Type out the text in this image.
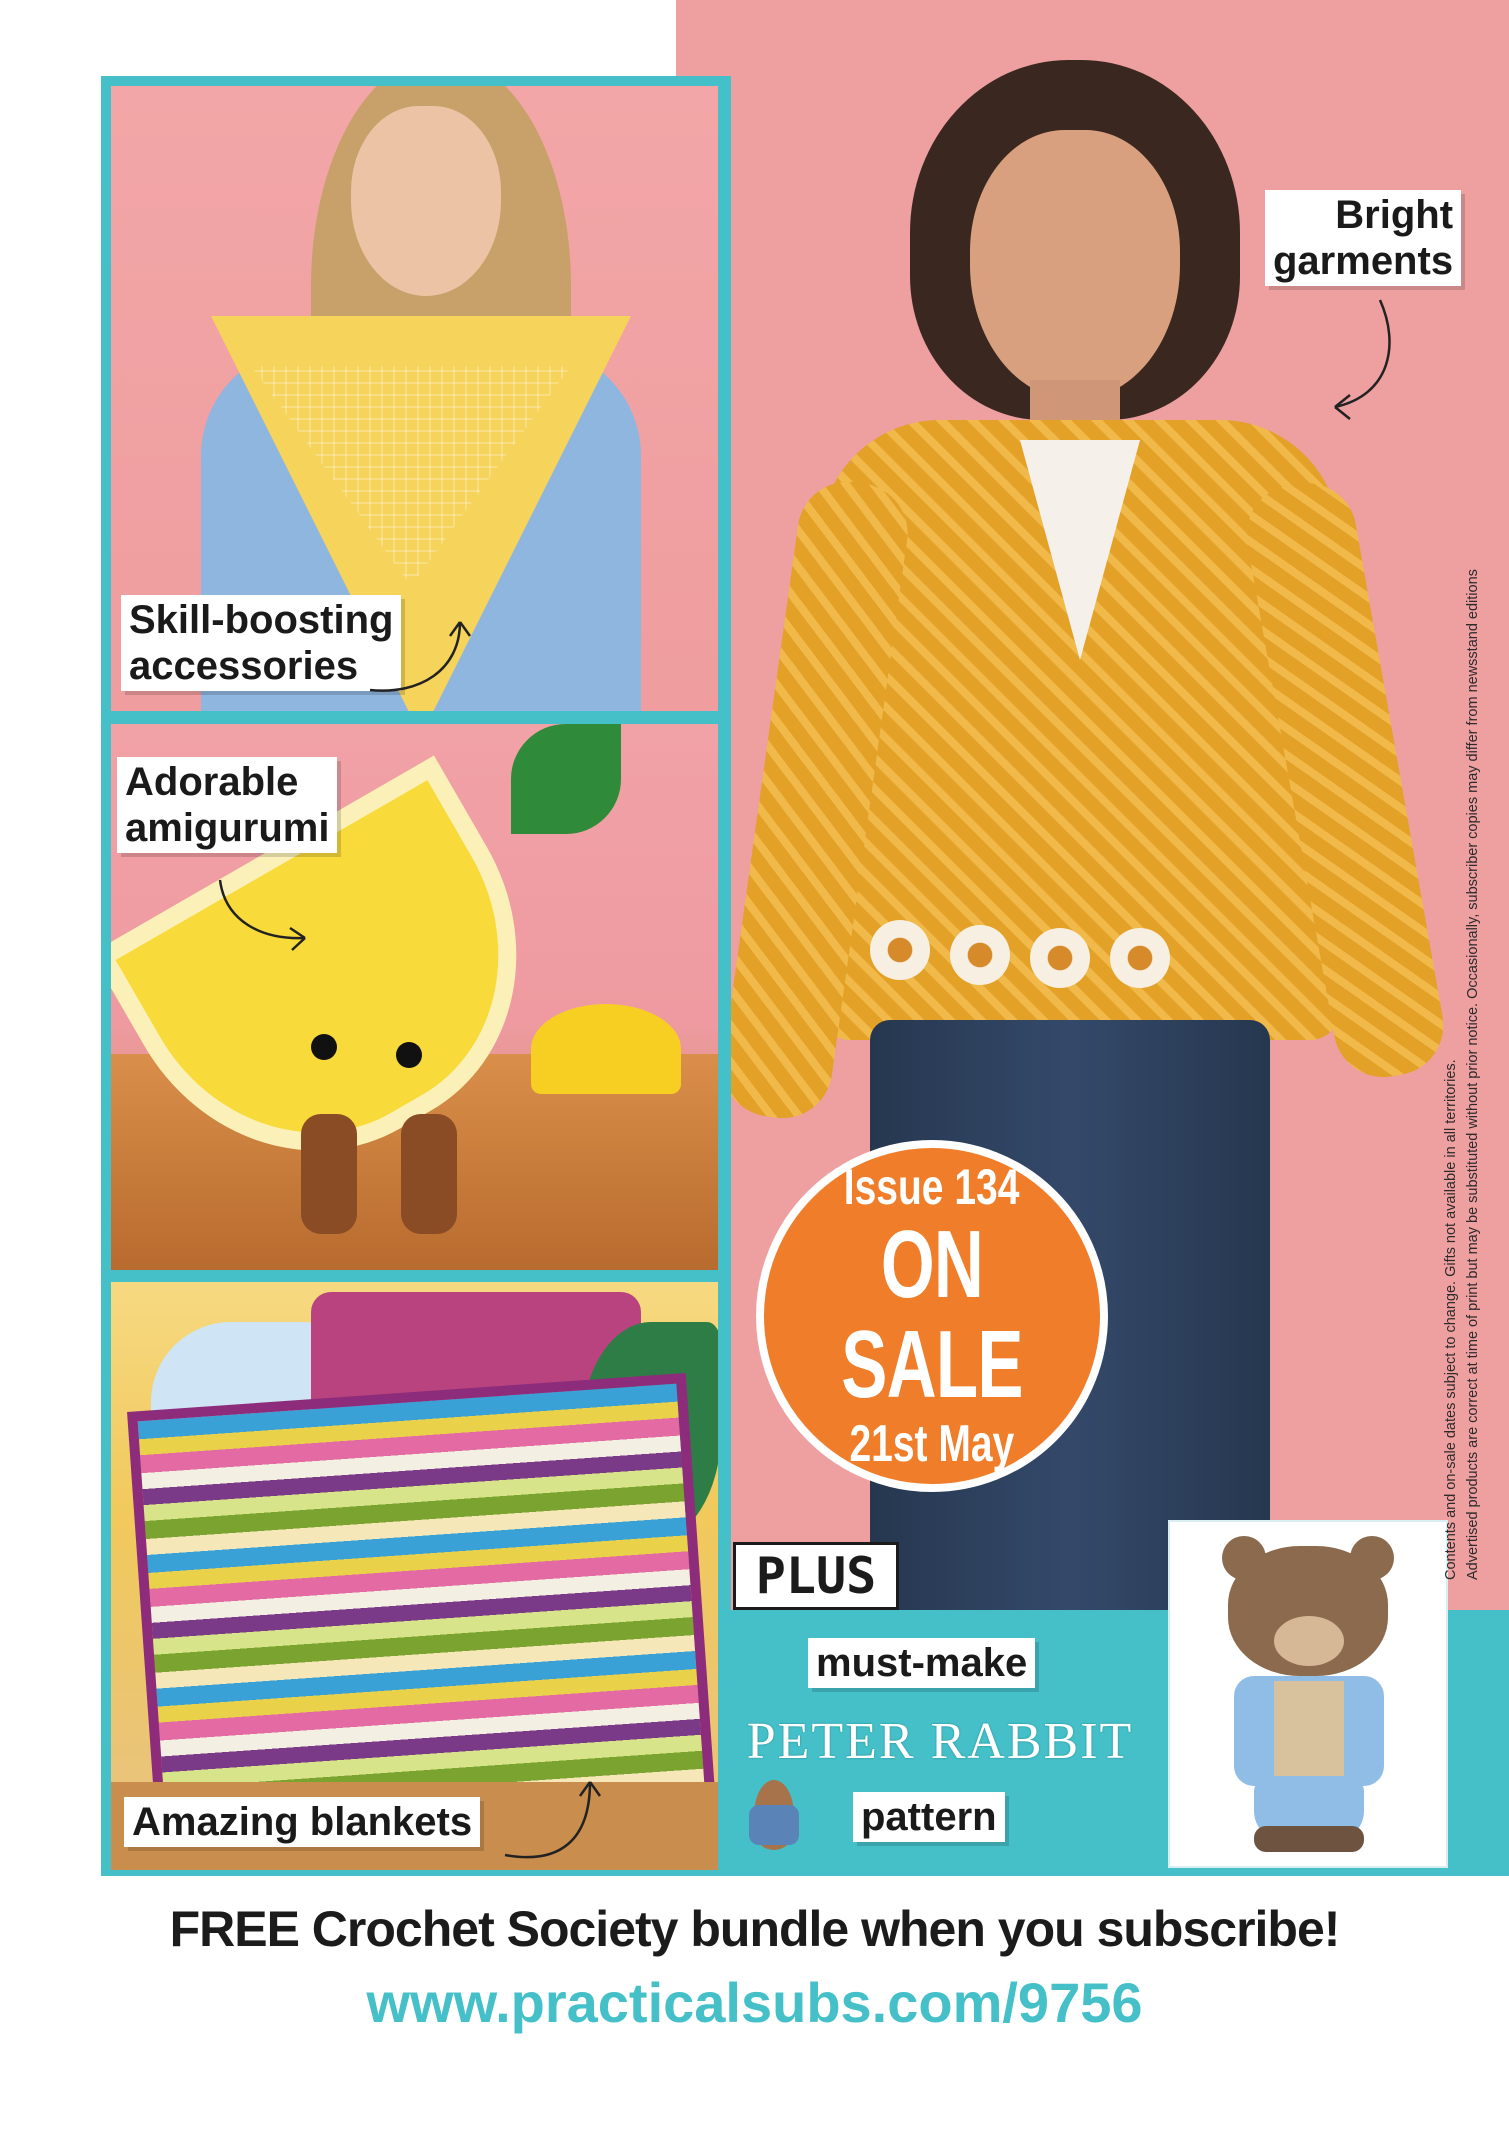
Bright
garments
Skill-boosting
accessories
Adorable
amigurumi
Amazing blankets
Issue 134
ON SALE
21st May
PLUS
must-make
PETER RABBIT
pattern
Contents and on-sale dates subject to change. Gifts not available in all territories. Advertised products are correct at time of print but may be substituted without prior notice. Occasionally, subscriber copies may differ from newsstand editions
FREE Crochet Society bundle when you subscribe!
www.practicalsubs.com/9756
